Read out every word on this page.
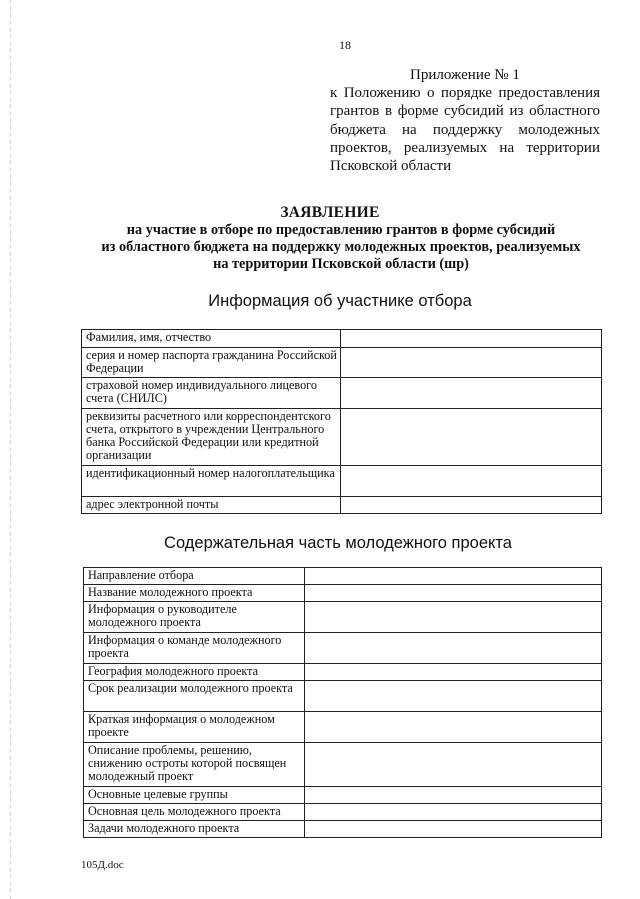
18
Приложение № 1
к Положению о порядке предоставления грантов в форме субсидий из областного бюджета на поддержку молодежных проектов, реализуемых на территории Псковской области
ЗАЯВЛЕНИЕ
на участие в отборе по предоставлению грантов в форме субсидий
из областного бюджета на поддержку молодежных проектов, реализуемых
на территории Псковской области (шр)
Информация об участнике отбора
Фамилия, имя, отчество	
серия и номер паспорта гражданина Российской Федерации	
страховой номер индивидуального лицевого счета (СНИЛС)	
реквизиты расчетного или корреспондентского счета, открытого в учреждении Центрального банка Российской Федерации или кредитной организации	
идентификационный номер налогоплательщика	
адрес электронной почты	
Содержательная часть молодежного проекта
Направление отбора	
Название молодежного проекта	
Информация о руководителе молодежного проекта	
Информация о команде молодежного проекта	
География молодежного проекта	
Срок реализации молодежного проекта	
Краткая информация о молодежном проекте	
Описание проблемы, решению, снижению остроты которой посвящен молодежный проект	
Основные целевые группы	
Основная цель молодежного проекта	
Задачи молодежного проекта	
105Д.doc
